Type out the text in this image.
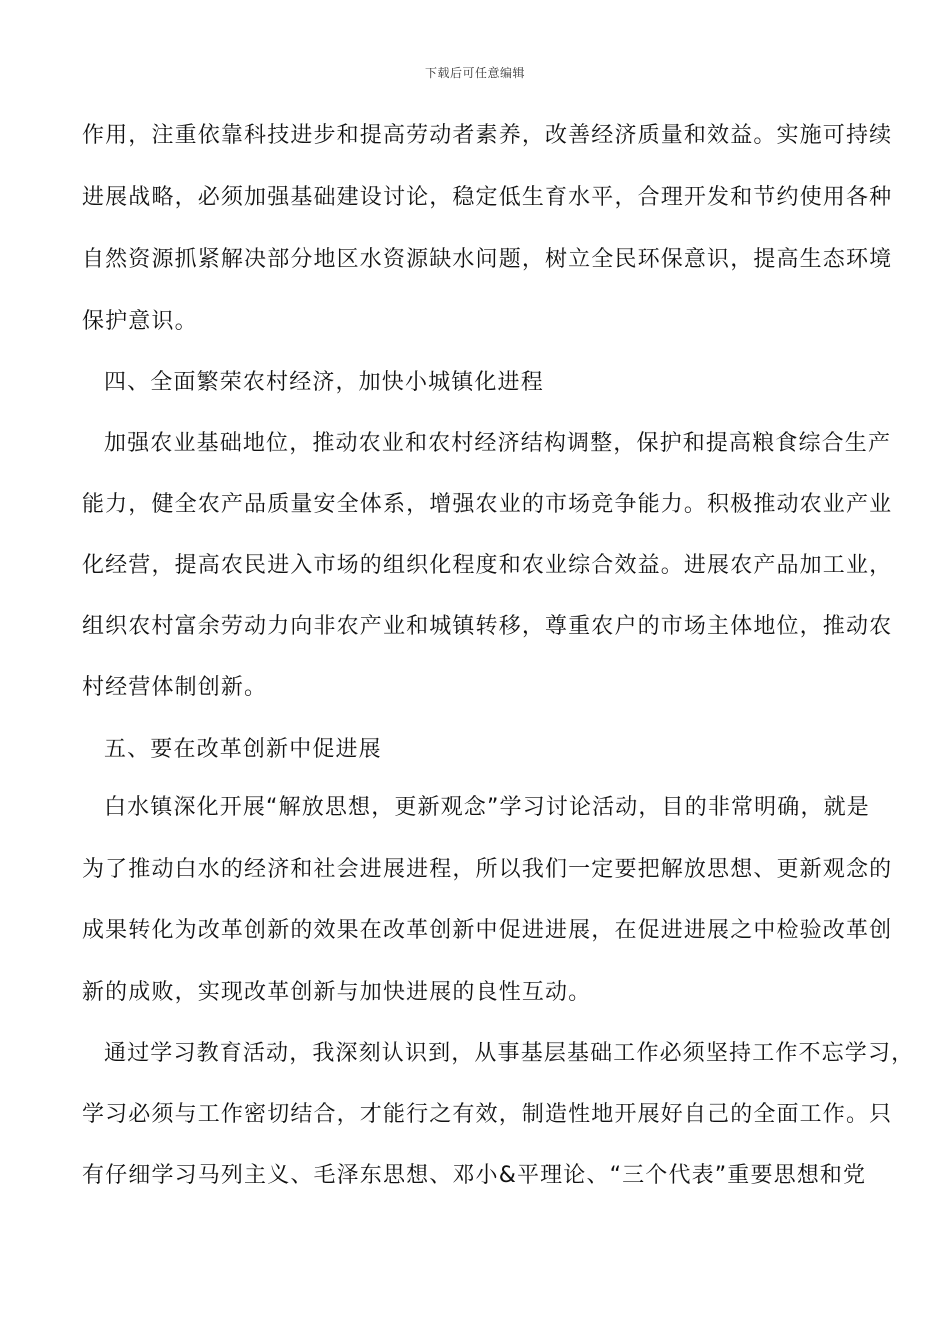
下载后可任意编辑
作用，注重依靠科技进步和提高劳动者素养，改善经济质量和效益。实施可持续
进展战略，必须加强基础建设讨论，稳定低生育水平，合理开发和节约使用各种
自然资源抓紧解决部分地区水资源缺水问题，树立全民环保意识，提高生态环境
保护意识。
四、全面繁荣农村经济，加快小城镇化进程
加强农业基础地位，推动农业和农村经济结构调整，保护和提高粮食综合生产
能力，健全农产品质量安全体系，增强农业的市场竞争能力。积极推动农业产业
化经营，提高农民进入市场的组织化程度和农业综合效益。进展农产品加工业，
组织农村富余劳动力向非农产业和城镇转移，尊重农户的市场主体地位，推动农
村经营体制创新。
五、要在改革创新中促进展
白水镇深化开展“解放思想，更新观念”学习讨论活动，目的非常明确，就是
为了推动白水的经济和社会进展进程，所以我们一定要把解放思想、更新观念的
成果转化为改革创新的效果在改革创新中促进进展，在促进进展之中检验改革创
新的成败，实现改革创新与加快进展的良性互动。
通过学习教育活动，我深刻认识到，从事基层基础工作必须坚持工作不忘学习，
学习必须与工作密切结合，才能行之有效，制造性地开展好自己的全面工作。只
有仔细学习马列主义、毛泽东思想、邓小&平理论、“三个代表”重要思想和党
